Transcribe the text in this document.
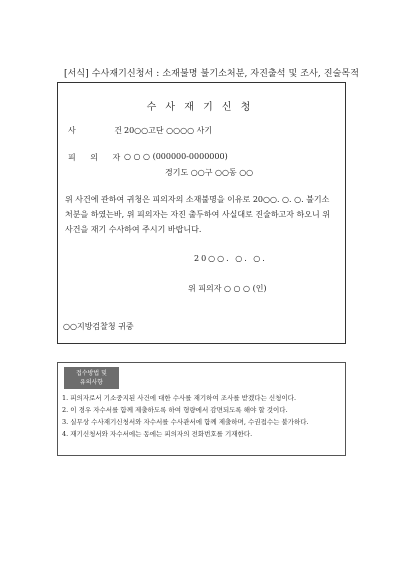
[서식] 수사재기신청서 : 소재불명 불기소처분, 자진출석 및 조사, 진술목적
수 사 재 기 신 청
사 건
20○○고단 ○○○○ 사기
피 의 자
○ ○ ○ (000000-0000000)
경기도 ○○구 ○○동 ○○
위 사건에 관하여 귀청은 피의자의 소재불명을 이유로 20○○. ○. ○. 불기소처분을 하였는바, 위 피의자는 자진 출두하여 사실대로 진술하고자 하오니 위 사건을 재기 수사하여 주시기 바랍니다.
20○○. ○. ○.
위 피의자 ○ ○ ○ (인)
○○지방검찰청 귀중
접수방법 및
유의사항
1. 피의자로서 기소중지된 사건에 대한 수사를 재기하여 조사를 받겠다는 신청이다.
2. 이 경우 자수서를 함께 제출하도록 하여 형량에서 감면되도록 해야 할 것이다.
3. 실무상 수사재기신청서와 자수서를 수사관서에 함께 제출하며, 수권접수는 불가하다.
4. 재기신청서와 자수서에는 동에는 피의자의 전화번호를 기재한다.
